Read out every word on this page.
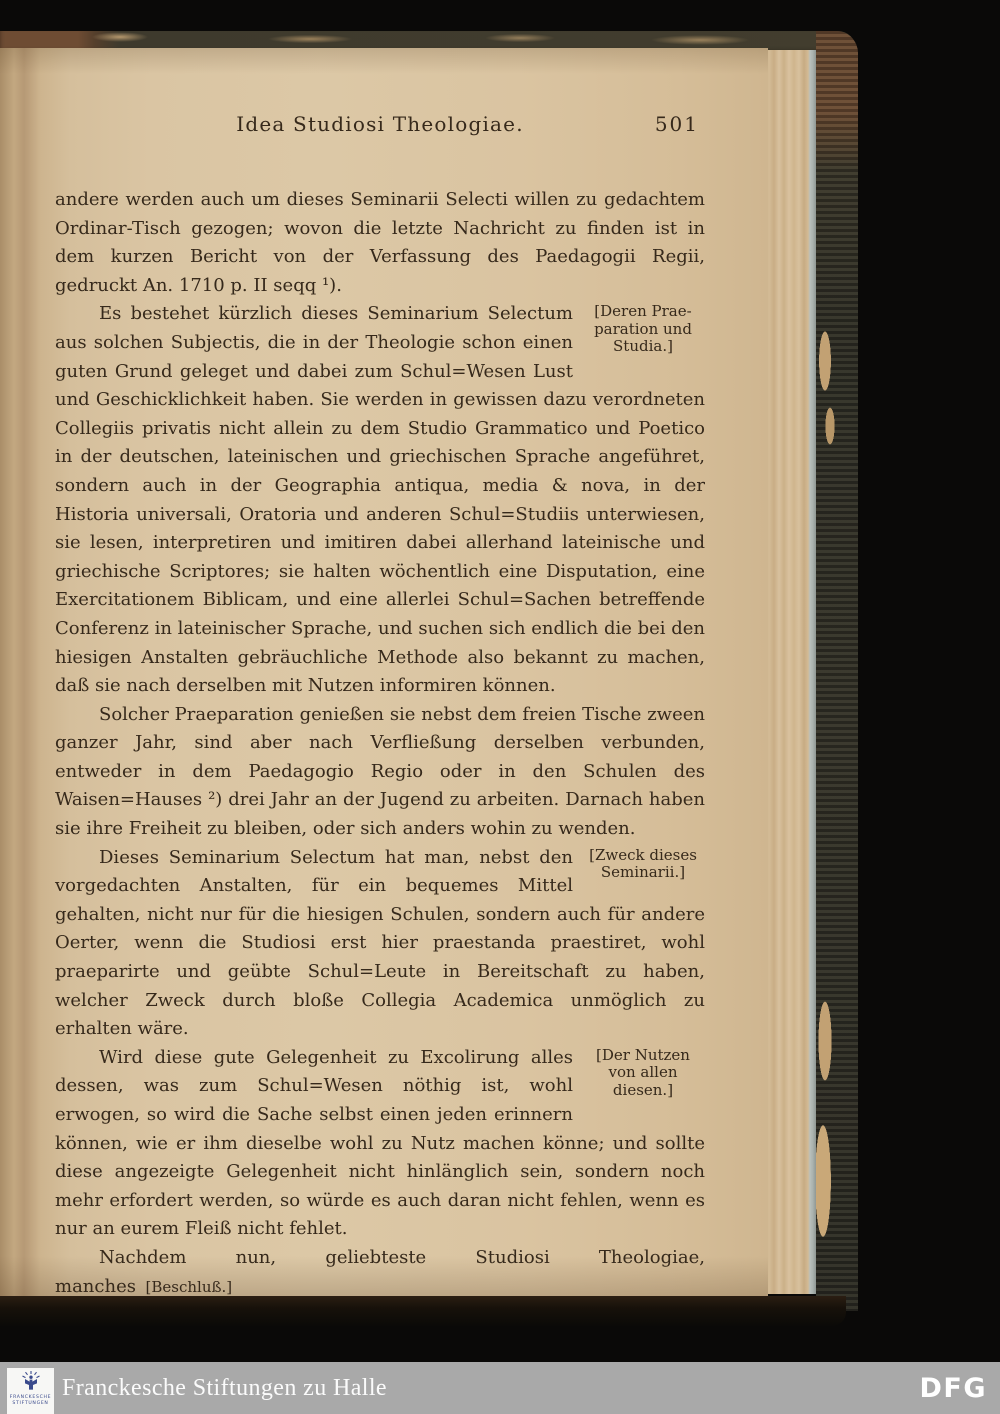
Idea Studiosi Theologiae.	501

andere werden auch um dieses Seminarii Selecti willen zu gedachtem Ordinar-Tisch gezogen; wovon die letzte Nachricht zu finden ist in dem kurzen Bericht von der Verfassung des Paedagogii Regii, gedruckt An. 1710 p. II seqq ¹).

[Deren Prae-
paration und
Studia.]
Es bestehet kürzlich dieses Seminarium Selectum aus solchen Subjectis, die in der Theologie schon einen guten Grund geleget und dabei zum Schul=Wesen Lust und Geschicklichkeit haben. Sie werden in gewissen dazu verordneten Collegiis privatis nicht allein zu dem Studio Grammatico und Poetico in der deutschen, lateinischen und griechischen Sprache angeführet, sondern auch in der Geographia antiqua, media & nova, in der Historia universali, Oratoria und anderen Schul=Studiis unterwiesen, sie lesen, interpretiren und imitiren dabei allerhand lateinische und griechische Scriptores; sie halten wöchentlich eine Disputation, eine Exercitationem Biblicam, und eine allerlei Schul=Sachen betreffende Conferenz in lateinischer Sprache, und suchen sich endlich die bei den hiesigen Anstalten gebräuchliche Methode also bekannt zu machen, daß sie nach derselben mit Nutzen informiren können.

Solcher Praeparation genießen sie nebst dem freien Tische zween ganzer Jahr, sind aber nach Verfließung derselben verbunden, entweder in dem Paedagogio Regio oder in den Schulen des Waisen=Hauses ²) drei Jahr an der Jugend zu arbeiten. Darnach haben sie ihre Freiheit zu bleiben, oder sich anders wohin zu wenden.

[Zweck dieses
Seminarii.]
Dieses Seminarium Selectum hat man, nebst den vorgedachten Anstalten, für ein bequemes Mittel gehalten, nicht nur für die hiesigen Schulen, sondern auch für andere Oerter, wenn die Studiosi erst hier praestanda praestiret, wohl praeparirte und geübte Schul=Leute in Bereitschaft zu haben, welcher Zweck durch bloße Collegia Academica unmöglich zu erhalten wäre.

[Der Nutzen
von allen
diesen.]
Wird diese gute Gelegenheit zu Excolirung alles dessen, was zum Schul=Wesen nöthig ist, wohl erwogen, so wird die Sache selbst einen jeden erinnern können, wie er ihm dieselbe wohl zu Nutz machen könne; und sollte diese angezeigte Gelegenheit nicht hinlänglich sein, sondern noch mehr erfordert werden, so würde es auch daran nicht fehlen, wenn es nur an eurem Fleiß nicht fehlet.

Nachdem nun, geliebteste Studiosi Theologiae, manches  [Beschluß.]

FRANCKESCHE
STIFTUNGEN
Franckesche Stiftungen zu Halle	DFG
